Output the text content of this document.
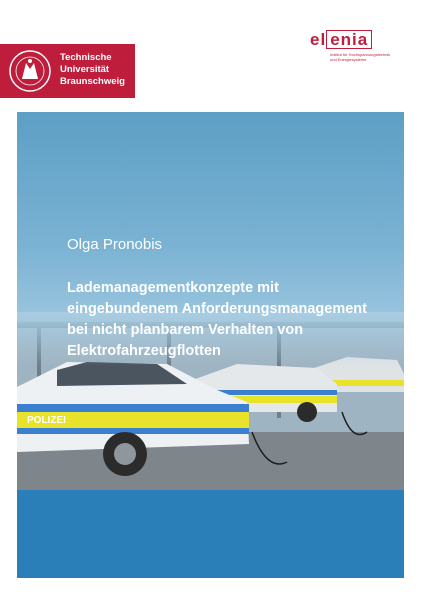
Technische
Universität
Braunschweig
el enia
Institut für Hochspannungstechnik
und Energiesysteme
Olga Pronobis
Lademanagementkonzepte mit
eingebundenem Anforderungsmanagement
bei nicht planbarem Verhalten von
Elektrofahrzeugflotten
